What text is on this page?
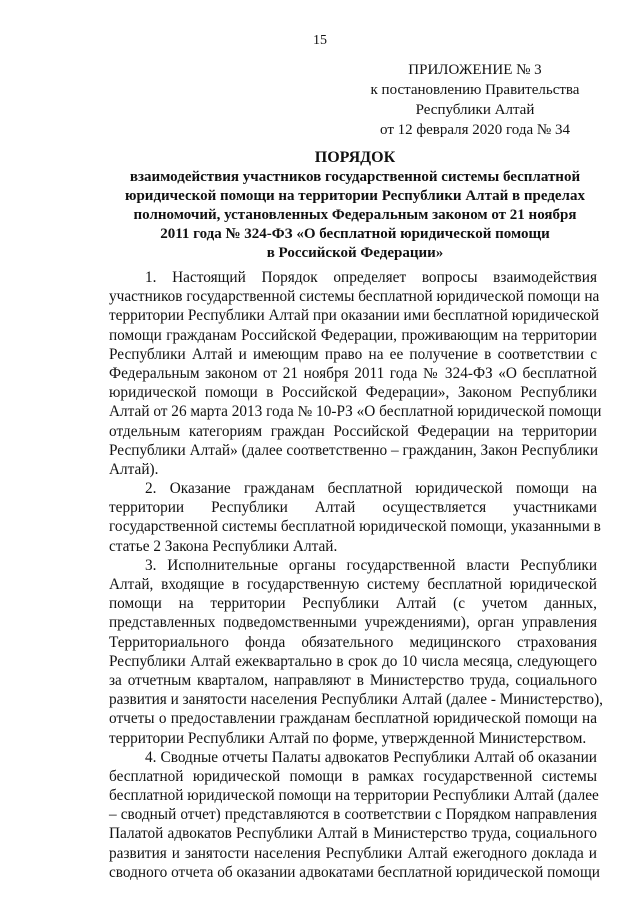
15
ПРИЛОЖЕНИЕ № 3
к постановлению Правительства
Республики Алтай
от 12 февраля 2020 года № 34
ПОРЯДОК
взаимодействия участников государственной системы бесплатной
юридической помощи на территории Республики Алтай в пределах
полномочий, установленных Федеральным законом от 21 ноября
2011 года № 324-ФЗ «О бесплатной юридической помощи
в Российской Федерации»
1. Настоящий Порядок определяет вопросы взаимодействия
участников государственной системы бесплатной юридической помощи на
территории Республики Алтай при оказании ими бесплатной юридической
помощи гражданам Российской Федерации, проживающим на территории
Республики Алтай и имеющим право на ее получение в соответствии с
Федеральным законом от 21 ноября 2011 года № 324-ФЗ «О бесплатной
юридической помощи в Российской Федерации», Законом Республики
Алтай от 26 марта 2013 года № 10-РЗ «О бесплатной юридической помощи
отдельным категориям граждан Российской Федерации на территории
Республики Алтай» (далее соответственно – гражданин, Закон Республики
Алтай).
2. Оказание гражданам бесплатной юридической помощи на
территории Республики Алтай осуществляется участниками
государственной системы бесплатной юридической помощи, указанными в
статье 2 Закона Республики Алтай.
3. Исполнительные органы государственной власти Республики
Алтай, входящие в государственную систему бесплатной юридической
помощи на территории Республики Алтай (с учетом данных,
представленных подведомственными учреждениями), орган управления
Территориального фонда обязательного медицинского страхования
Республики Алтай ежеквартально в срок до 10 числа месяца, следующего
за отчетным кварталом, направляют в Министерство труда, социального
развития и занятости населения Республики Алтай (далее - Министерство),
отчеты о предоставлении гражданам бесплатной юридической помощи на
территории Республики Алтай по форме, утвержденной Министерством.
4. Сводные отчеты Палаты адвокатов Республики Алтай об оказании
бесплатной юридической помощи в рамках государственной системы
бесплатной юридической помощи на территории Республики Алтай (далее
– сводный отчет) представляются в соответствии с Порядком направления
Палатой адвокатов Республики Алтай в Министерство труда, социального
развития и занятости населения Республики Алтай ежегодного доклада и
сводного отчета об оказании адвокатами бесплатной юридической помощи
